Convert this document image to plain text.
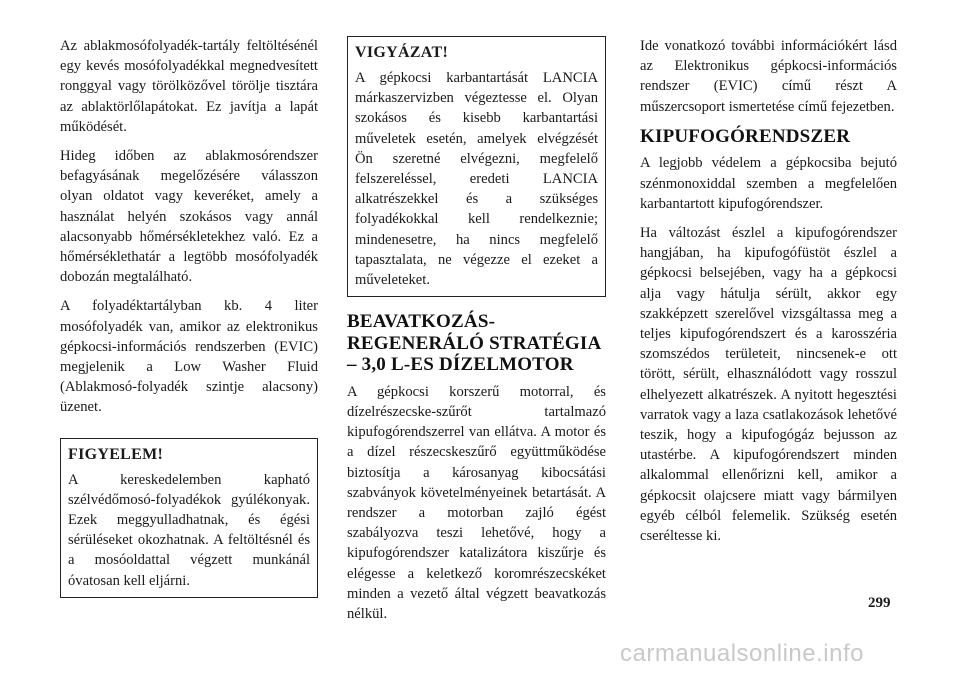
Az ablakmosófolyadék-tartály feltöltésénél egy kevés mosófolyadékkal megnedvesített ronggyal vagy törölközővel törölje tisztára az ablaktörlőlapátokat. Ez javítja a lapát működését.

Hideg időben az ablakmosórendszer befagyásának megelőzésére válasszon olyan oldatot vagy keveréket, amely a használat helyén szokásos vagy annál alacsonyabb hőmérsékletekhez való. Ez a hőmérséklethatár a legtöbb mosófolyadék dobozán megtalálható.

A folyadéktartályban kb. 4 liter mosófolyadék van, amikor az elektronikus gépkocsi-információs rendszerben (EVIC) megjelenik a Low Washer Fluid (Ablakmosó-folyadék szintje alacsony) üzenet.

FIGYELEM!

A kereskedelemben kapható szélvédőmosó-folyadékok gyúlékonyak. Ezek meggyulladhatnak, és égési sérüléseket okozhatnak. A feltöltésnél és a mosóoldattal végzett munkánál óvatosan kell eljárni.

VIGYÁZAT!

A gépkocsi karbantartását LANCIA márkaszervizben végeztesse el. Olyan szokásos és kisebb karbantartási műveletek esetén, amelyek elvégzését Ön szeretné elvégezni, megfelelő felszereléssel, eredeti LANCIA alkatrészekkel és a szükséges folyadékokkal kell rendelkeznie; mindenesetre, ha nincs megfelelő tapasztalata, ne végezze el ezeket a műveleteket.

BEAVATKOZÁS-REGENERÁLÓ STRATÉGIA – 3,0 L-ES DÍZELMOTOR

A gépkocsi korszerű motorral, és dízelrészecske-szűrőt tartalmazó kipufogórendszerrel van ellátva. A motor és a dízel részecskeszűrő együttműködése biztosítja a károsanyag kibocsátási szabványok követelményeinek betartását. A rendszer a motorban zajló égést szabályozva teszi lehetővé, hogy a kipufogórendszer katalizátora kiszűrje és elégesse a keletkező koromrészecskéket minden a vezető által végzett beavatkozás nélkül.

Ide vonatkozó további információkért lásd az Elektronikus gépkocsi-információs rendszer (EVIC) című részt A műszercsoport ismertetése című fejezetben.

KIPUFOGÓRENDSZER

A legjobb védelem a gépkocsiba bejutó szénmonoxiddal szemben a megfelelően karbantartott kipufogórendszer.

Ha változást észlel a kipufogórendszer hangjában, ha kipufogófüstöt észlel a gépkocsi belsejében, vagy ha a gépkocsi alja vagy hátulja sérült, akkor egy szakképzett szerelővel vizsgáltassa meg a teljes kipufogórendszert és a karosszéria szomszédos területeit, nincsenek-e ott törött, sérült, elhasználódott vagy rosszul elhelyezett alkatrészek. A nyitott hegesztési varratok vagy a laza csatlakozások lehetővé teszik, hogy a kipufogógáz bejusson az utastérbe. A kipufogórendszert minden alkalommal ellenőrizni kell, amikor a gépkocsit olajcsere miatt vagy bármilyen egyéb célból felemelik. Szükség esetén cseréltesse ki.

299
carmanualsonline.info
